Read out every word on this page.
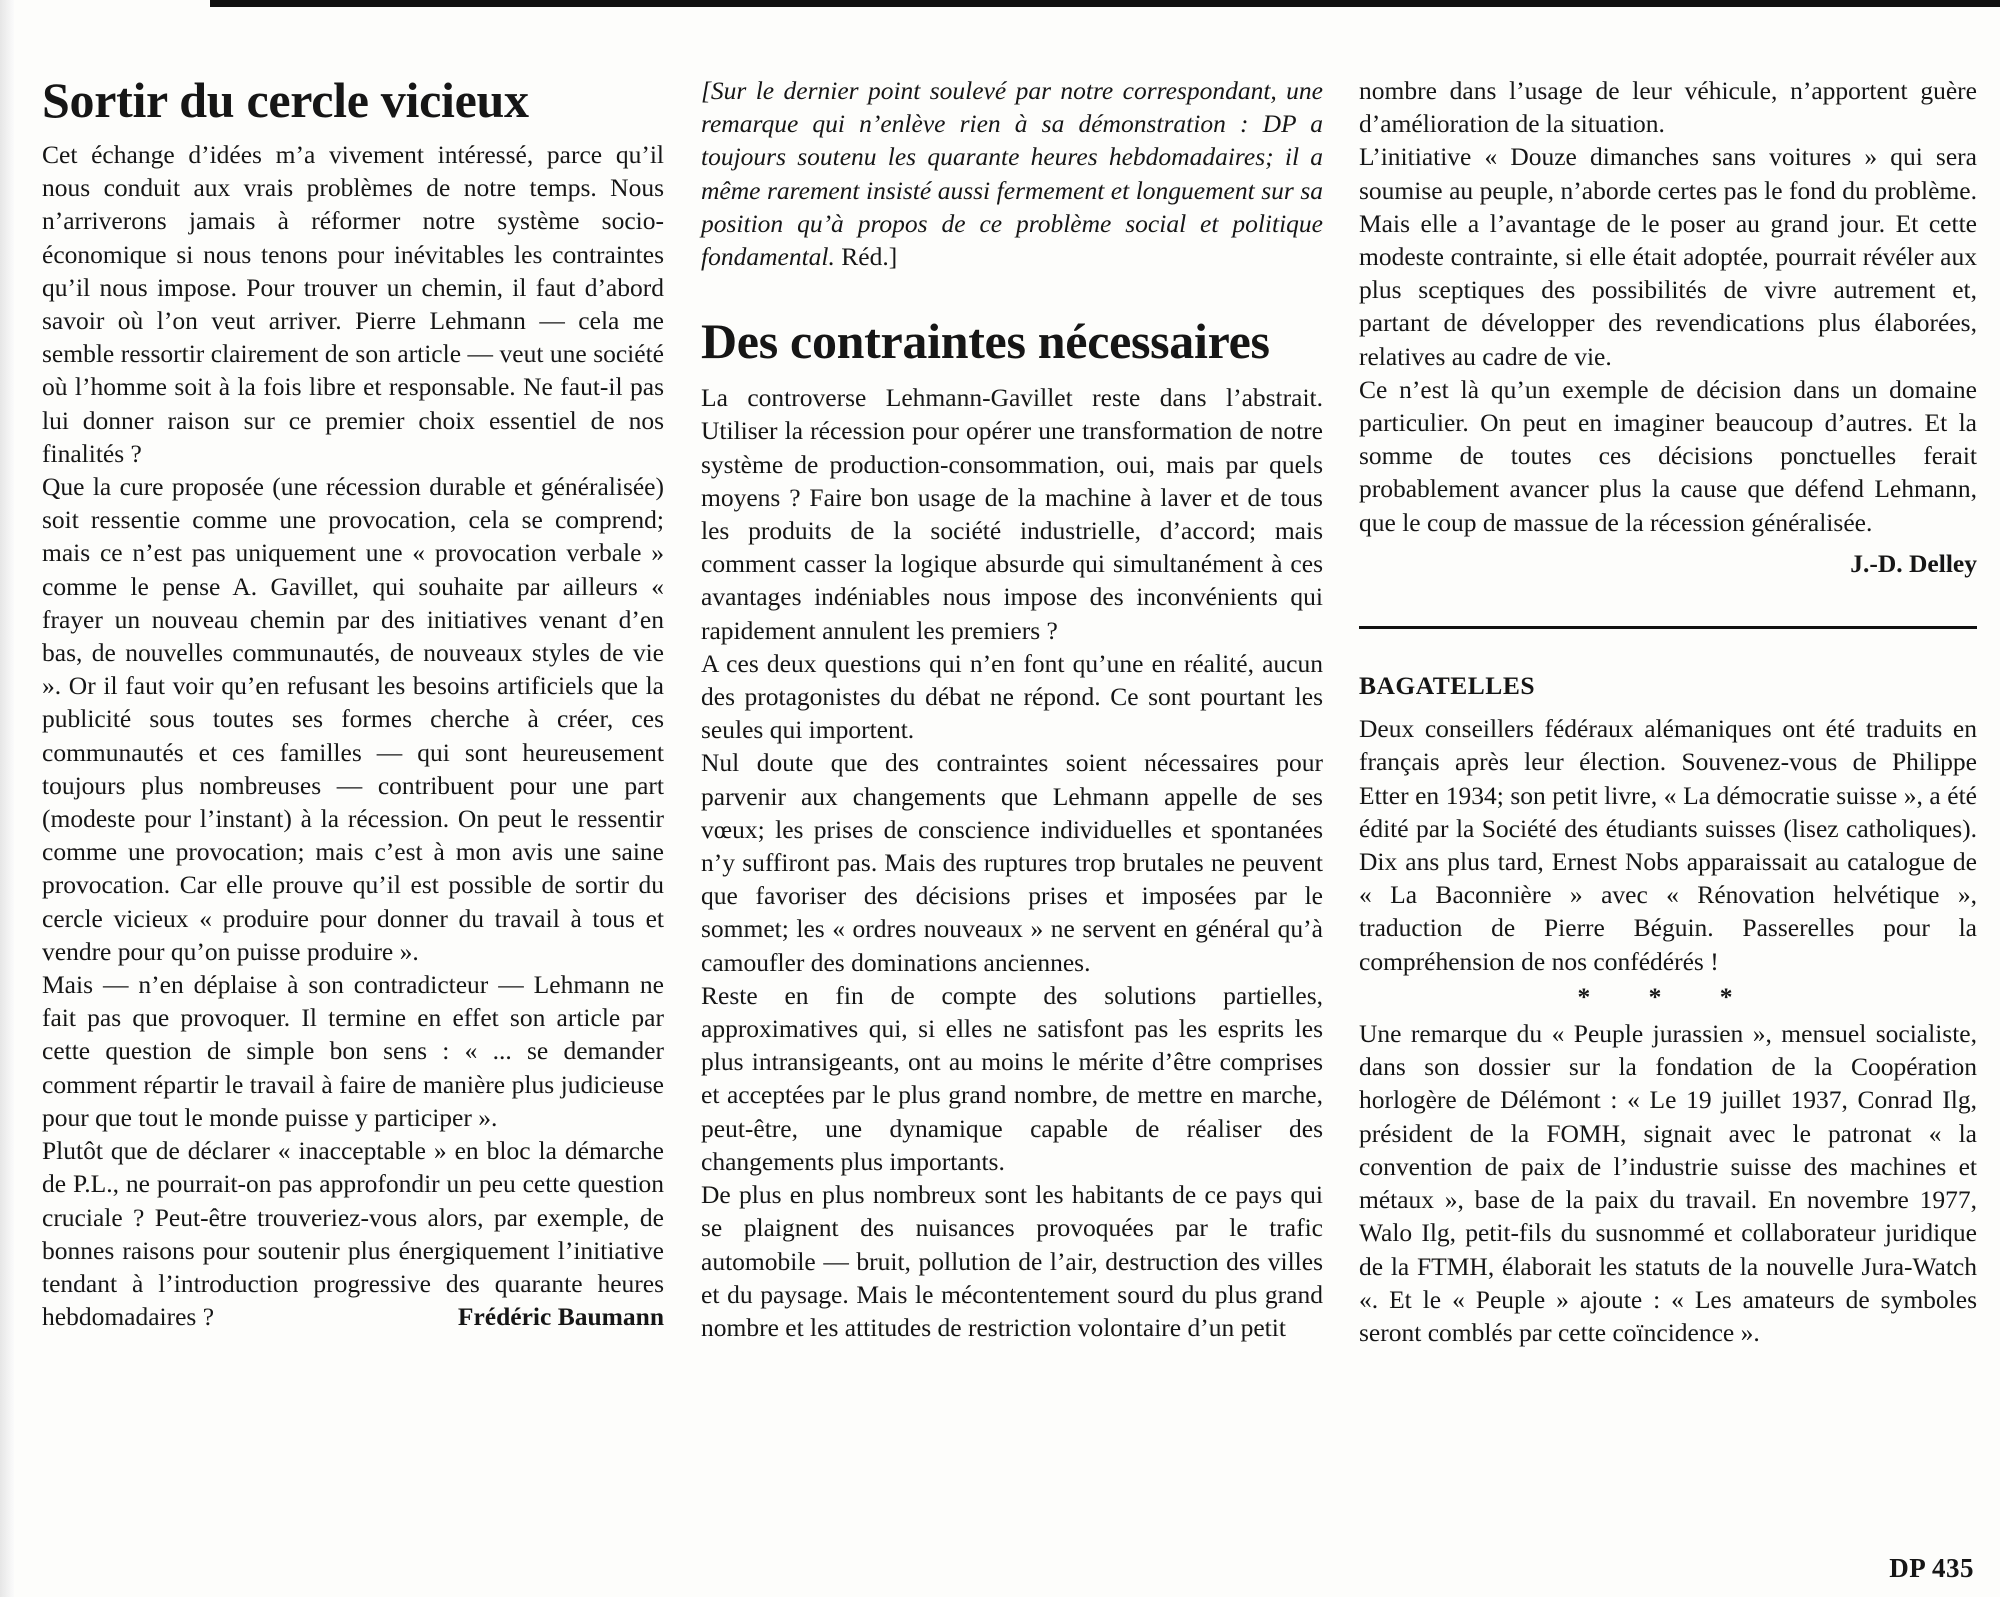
Sortir du cercle vicieux

Cet échange d’idées m’a vivement intéressé, parce qu’il nous conduit aux vrais problèmes de notre temps. Nous n’arriverons jamais à réformer notre système socio-économique si nous tenons pour inévitables les contraintes qu’il nous impose. Pour trouver un chemin, il faut d’abord savoir où l’on veut arriver. Pierre Lehmann — cela me semble ressortir clairement de son article — veut une société où l’homme soit à la fois libre et responsable. Ne faut-il pas lui donner raison sur ce premier choix essentiel de nos finalités ?

Que la cure proposée (une récession durable et généralisée) soit ressentie comme une provocation, cela se comprend; mais ce n’est pas uniquement une « provocation verbale » comme le pense A. Gavillet, qui souhaite par ailleurs « frayer un nouveau chemin par des initiatives venant d’en bas, de nouvelles communautés, de nouveaux styles de vie ». Or il faut voir qu’en refusant les besoins artificiels que la publicité sous toutes ses formes cherche à créer, ces communautés et ces familles — qui sont heureusement toujours plus nombreuses — contribuent pour une part (modeste pour l’instant) à la récession. On peut le ressentir comme une provocation; mais c’est à mon avis une saine provocation. Car elle prouve qu’il est possible de sortir du cercle vicieux « produire pour donner du travail à tous et vendre pour qu’on puisse produire ».

Mais — n’en déplaise à son contradicteur — Lehmann ne fait pas que provoquer. Il termine en effet son article par cette question de simple bon sens : « ... se demander comment répartir le travail à faire de manière plus judicieuse pour que tout le monde puisse y participer ».

Plutôt que de déclarer « inacceptable » en bloc la démarche de P.L., ne pourrait-on pas approfondir un peu cette question cruciale ? Peut-être trouveriez-vous alors, par exemple, de bonnes raisons pour soutenir plus énergiquement l’initiative tendant à l’introduction progressive des quarante heures hebdomadaires ?	Frédéric Baumann

[Sur le dernier point soulevé par notre correspondant, une remarque qui n’enlève rien à sa démonstration : DP a toujours soutenu les quarante heures hebdomadaires; il a même rarement insisté aussi fermement et longuement sur sa position qu’à propos de ce problème social et politique fondamental. Réd.]

Des contraintes nécessaires

La controverse Lehmann-Gavillet reste dans l’abstrait. Utiliser la récession pour opérer une transformation de notre système de production-consommation, oui, mais par quels moyens ? Faire bon usage de la machine à laver et de tous les produits de la société industrielle, d’accord; mais comment casser la logique absurde qui simultanément à ces avantages indéniables nous impose des inconvénients qui rapidement annulent les premiers ?

A ces deux questions qui n’en font qu’une en réalité, aucun des protagonistes du débat ne répond. Ce sont pourtant les seules qui importent.

Nul doute que des contraintes soient nécessaires pour parvenir aux changements que Lehmann appelle de ses vœux; les prises de conscience individuelles et spontanées n’y suffiront pas. Mais des ruptures trop brutales ne peuvent que favoriser des décisions prises et imposées par le sommet; les « ordres nouveaux » ne servent en général qu’à camoufler des dominations anciennes.

Reste en fin de compte des solutions partielles, approximatives qui, si elles ne satisfont pas les esprits les plus intransigeants, ont au moins le mérite d’être comprises et acceptées par le plus grand nombre, de mettre en marche, peut-être, une dynamique capable de réaliser des changements plus importants.

De plus en plus nombreux sont les habitants de ce pays qui se plaignent des nuisances provoquées par le trafic automobile — bruit, pollution de l’air, destruction des villes et du paysage. Mais le mécontentement sourd du plus grand nombre et les attitudes de restriction volontaire d’un petit

nombre dans l’usage de leur véhicule, n’apportent guère d’amélioration de la situation.

L’initiative « Douze dimanches sans voitures » qui sera soumise au peuple, n’aborde certes pas le fond du problème. Mais elle a l’avantage de le poser au grand jour. Et cette modeste contrainte, si elle était adoptée, pourrait révéler aux plus sceptiques des possibilités de vivre autrement et, partant de développer des revendications plus élaborées, relatives au cadre de vie.

Ce n’est là qu’un exemple de décision dans un domaine particulier. On peut en imaginer beaucoup d’autres. Et la somme de toutes ces décisions ponctuelles ferait probablement avancer plus la cause que défend Lehmann, que le coup de massue de la récession généralisée.

J.-D. Delley
BAGATELLES

Deux conseillers fédéraux alémaniques ont été traduits en français après leur élection. Souvenez-vous de Philippe Etter en 1934; son petit livre, « La démocratie suisse », a été édité par la Société des étudiants suisses (lisez catholiques). Dix ans plus tard, Ernest Nobs apparaissait au catalogue de « La Baconnière » avec « Rénovation helvétique », traduction de Pierre Béguin. Passerelles pour la compréhension de nos confédérés !

* * *

Une remarque du « Peuple jurassien », mensuel socialiste, dans son dossier sur la fondation de la Coopération horlogère de Délémont : « Le 19 juillet 1937, Conrad Ilg, président de la FOMH, signait avec le patronat « la convention de paix de l’industrie suisse des machines et métaux », base de la paix du travail. En novembre 1977, Walo Ilg, petit-fils du susnommé et collaborateur juridique de la FTMH, élaborait les statuts de la nouvelle Jura-Watch «. Et le « Peuple » ajoute : « Les amateurs de symboles seront comblés par cette coïncidence ».

DP 435
